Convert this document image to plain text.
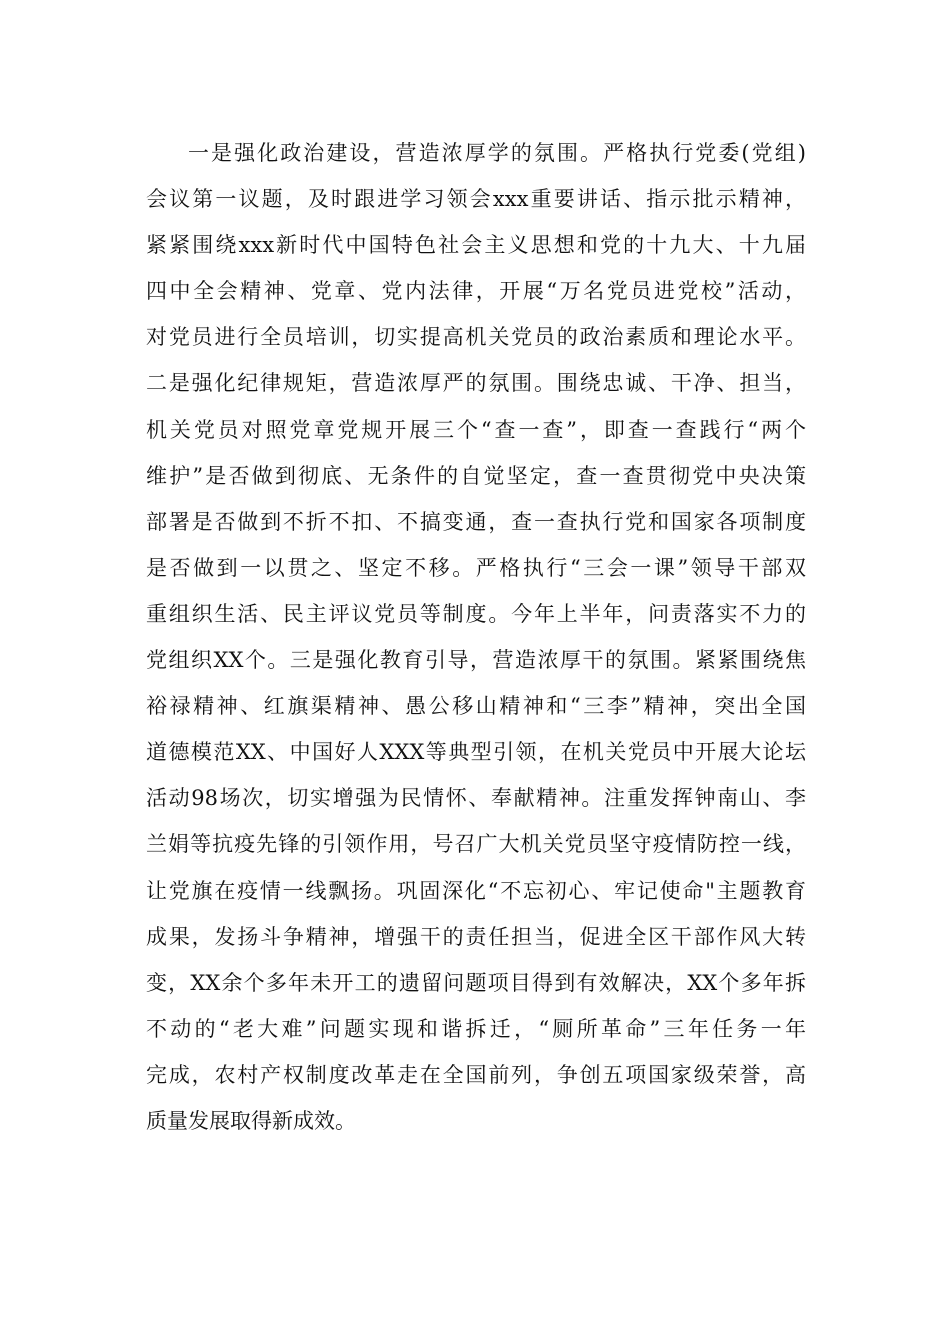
一是强化政治建设，营造浓厚学的氛围。严格执行党委(党组)
会议第一议题，及时跟进学习领会xxx重要讲话、指示批示精神，
紧紧围绕xxx新时代中国特色社会主义思想和党的十九大、十九届
四中全会精神、党章、党内法律，开展“万名党员进党校”活动，
对党员进行全员培训，切实提高机关党员的政治素质和理论水平。
二是强化纪律规矩，营造浓厚严的氛围。围绕忠诚、干净、担当，
机关党员对照党章党规开展三个“查一查”，即查一查践行“两个
维护”是否做到彻底、无条件的自觉坚定，查一查贯彻党中央决策
部署是否做到不折不扣、不搞变通，查一查执行党和国家各项制度
是否做到一以贯之、坚定不移。严格执行“三会一课”领导干部双
重组织生活、民主评议党员等制度。今年上半年，问责落实不力的
党组织XX个。三是强化教育引导，营造浓厚干的氛围。紧紧围绕焦
裕禄精神、红旗渠精神、愚公移山精神和“三李”精神，突出全国
道德模范XX、中国好人XXX等典型引领，在机关党员中开展大论坛
活动98场次，切实增强为民情怀、奉献精神。注重发挥钟南山、李
兰娟等抗疫先锋的引领作用，号召广大机关党员坚守疫情防控一线，
让党旗在疫情一线飘扬。巩固深化“不忘初心、牢记使命"主题教育
成果，发扬斗争精神，增强干的责任担当，促进全区干部作风大转
变，XX余个多年未开工的遗留问题项目得到有效解决，XX个多年拆
不动的“老大难”问题实现和谐拆迁，“厕所革命”三年任务一年
完成，农村产权制度改革走在全国前列，争创五项国家级荣誉，高
质量发展取得新成效。
